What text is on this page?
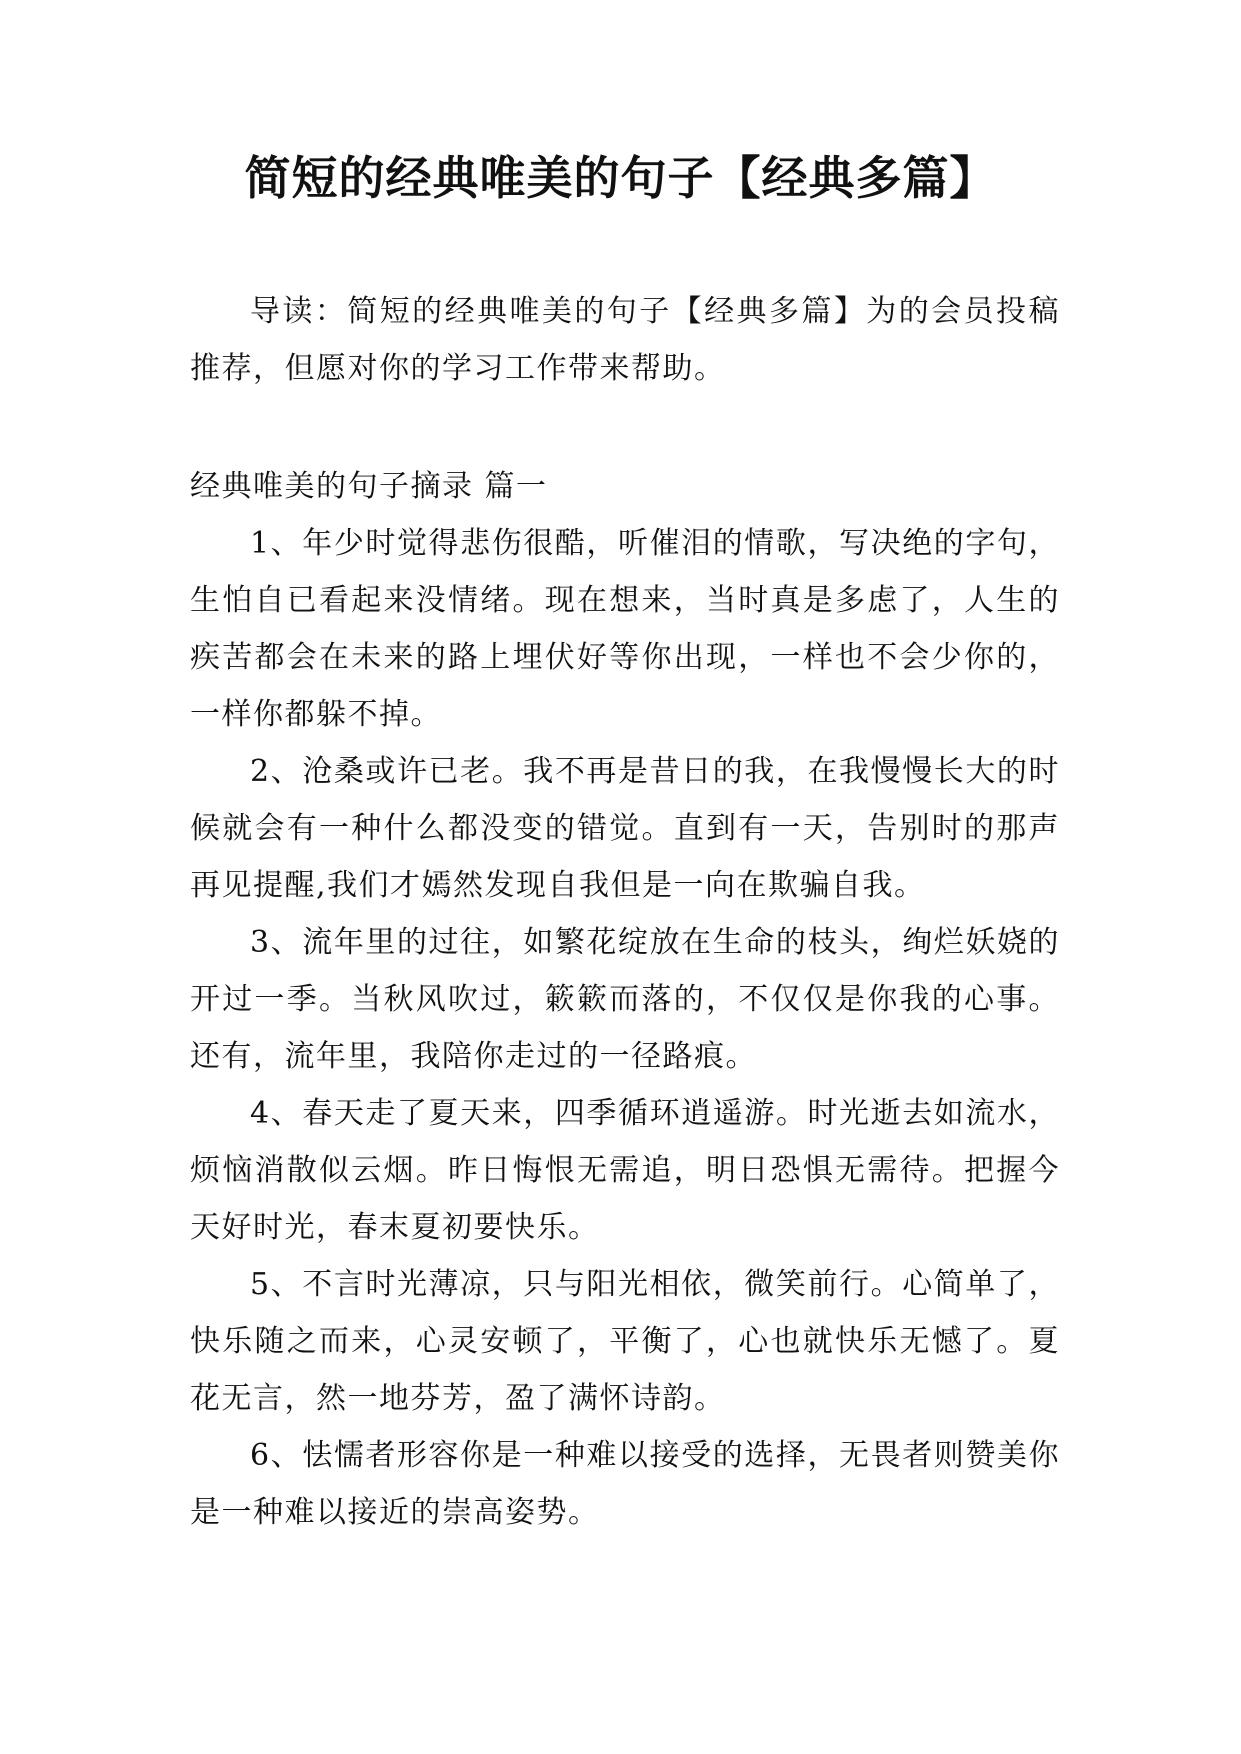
简短的经典唯美的句子【经典多篇】

导读：简短的经典唯美的句子【经典多篇】为的会员投稿推荐，但愿对你的学习工作带来帮助。

经典唯美的句子摘录 篇一

1、年少时觉得悲伤很酷，听催泪的情歌，写决绝的字句，生怕自已看起来没情绪。现在想来，当时真是多虑了，人生的疾苦都会在未来的路上埋伏好等你出现，一样也不会少你的，一样你都躲不掉。

2、沧桑或许已老。我不再是昔日的我，在我慢慢长大的时候就会有一种什么都没变的错觉。直到有一天，告别时的那声再见提醒,我们才嫣然发现自我但是一向在欺骗自我。

3、流年里的过往，如繁花绽放在生命的枝头，绚烂妖娆的开过一季。当秋风吹过，簌簌而落的，不仅仅是你我的心事。还有，流年里，我陪你走过的一径路痕。

4、春天走了夏天来，四季循环逍遥游。时光逝去如流水，烦恼消散似云烟。昨日悔恨无需追，明日恐惧无需待。把握今天好时光，春末夏初要快乐。

5、不言时光薄凉，只与阳光相依，微笑前行。心简单了，快乐随之而来，心灵安顿了，平衡了，心也就快乐无憾了。夏花无言，然一地芬芳，盈了满怀诗韵。

6、怯懦者形容你是一种难以接受的选择，无畏者则赞美你是一种难以接近的崇高姿势。
